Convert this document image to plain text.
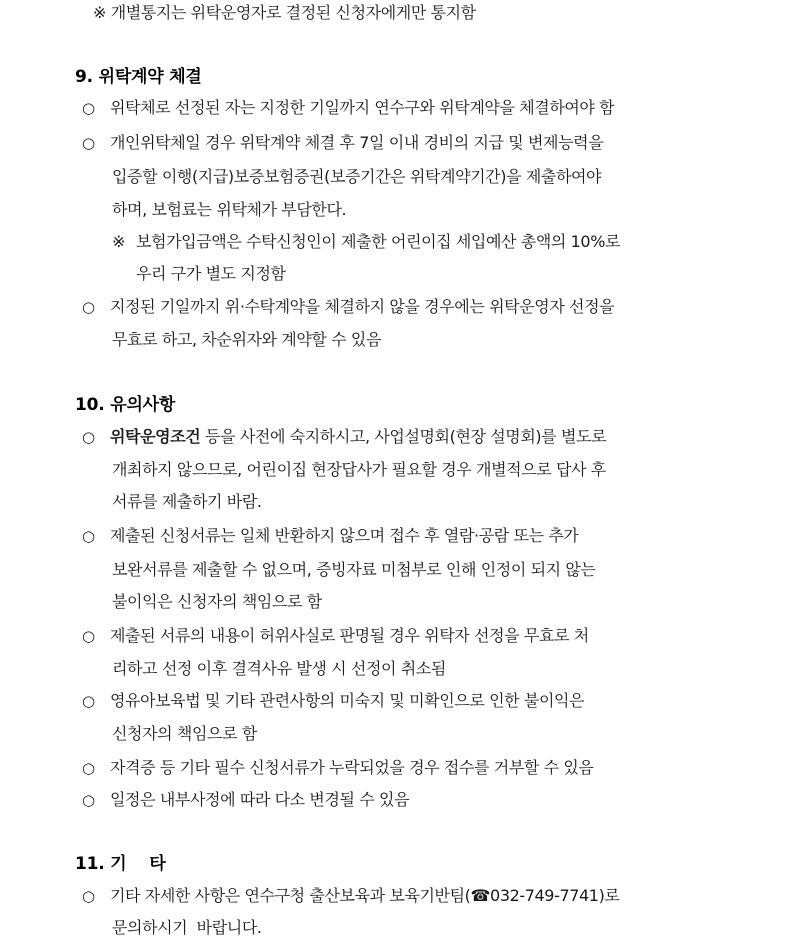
※ 개별통지는 위탁운영자로 결정된 신청자에게만 통지함
9. 위탁계약 체결
○ 위탁체로 선정된 자는 지정한 기일까지 연수구와 위탁계약을 체결하여야 함
○ 개인위탁체일 경우 위탁계약 체결 후 7일 이내 경비의 지급 및 변제능력을
입증할 이행(지급)보증보험증권(보증기간은 위탁계약기간)을 제출하여야
하며, 보험료는 위탁체가 부담한다.
※ 보험가입금액은 수탁신청인이 제출한 어린이집 세입예산 총액의 10%로
우리 구가 별도 지정함
○ 지정된 기일까지 위·수탁계약을 체결하지 않을 경우에는 위탁운영자 선정을
무효로 하고, 차순위자와 계약할 수 있음
10. 유의사항
○ 위탁운영조건 등을 사전에 숙지하시고, 사업설명회(현장 설명회)를 별도로
개최하지 않으므로, 어린이집 현장답사가 필요할 경우 개별적으로 답사 후
서류를 제출하기 바람.
○ 제출된 신청서류는 일체 반환하지 않으며 접수 후 열람·공람 또는 추가
보완서류를 제출할 수 없으며, 증빙자료 미첨부로 인해 인정이 되지 않는
불이익은 신청자의 책임으로 함
○ 제출된 서류의 내용이 허위사실로 판명될 경우 위탁자 선정을 무효로 처
리하고 선정 이후 결격사유 발생 시 선정이 취소됨
○ 영유아보육법 및 기타 관련사항의 미숙지 및 미확인으로 인한 불이익은
신청자의 책임으로 함
○ 자격증 등 기타 필수 신청서류가 누락되었을 경우 접수를 거부할 수 있음
○ 일정은 내부사정에 따라 다소 변경될 수 있음
11. 기    타
○ 기타 자세한 사항은 연수구청 출산보육과 보육기반팀(☎032-749-7741)로
문의하시기  바랍니다.
